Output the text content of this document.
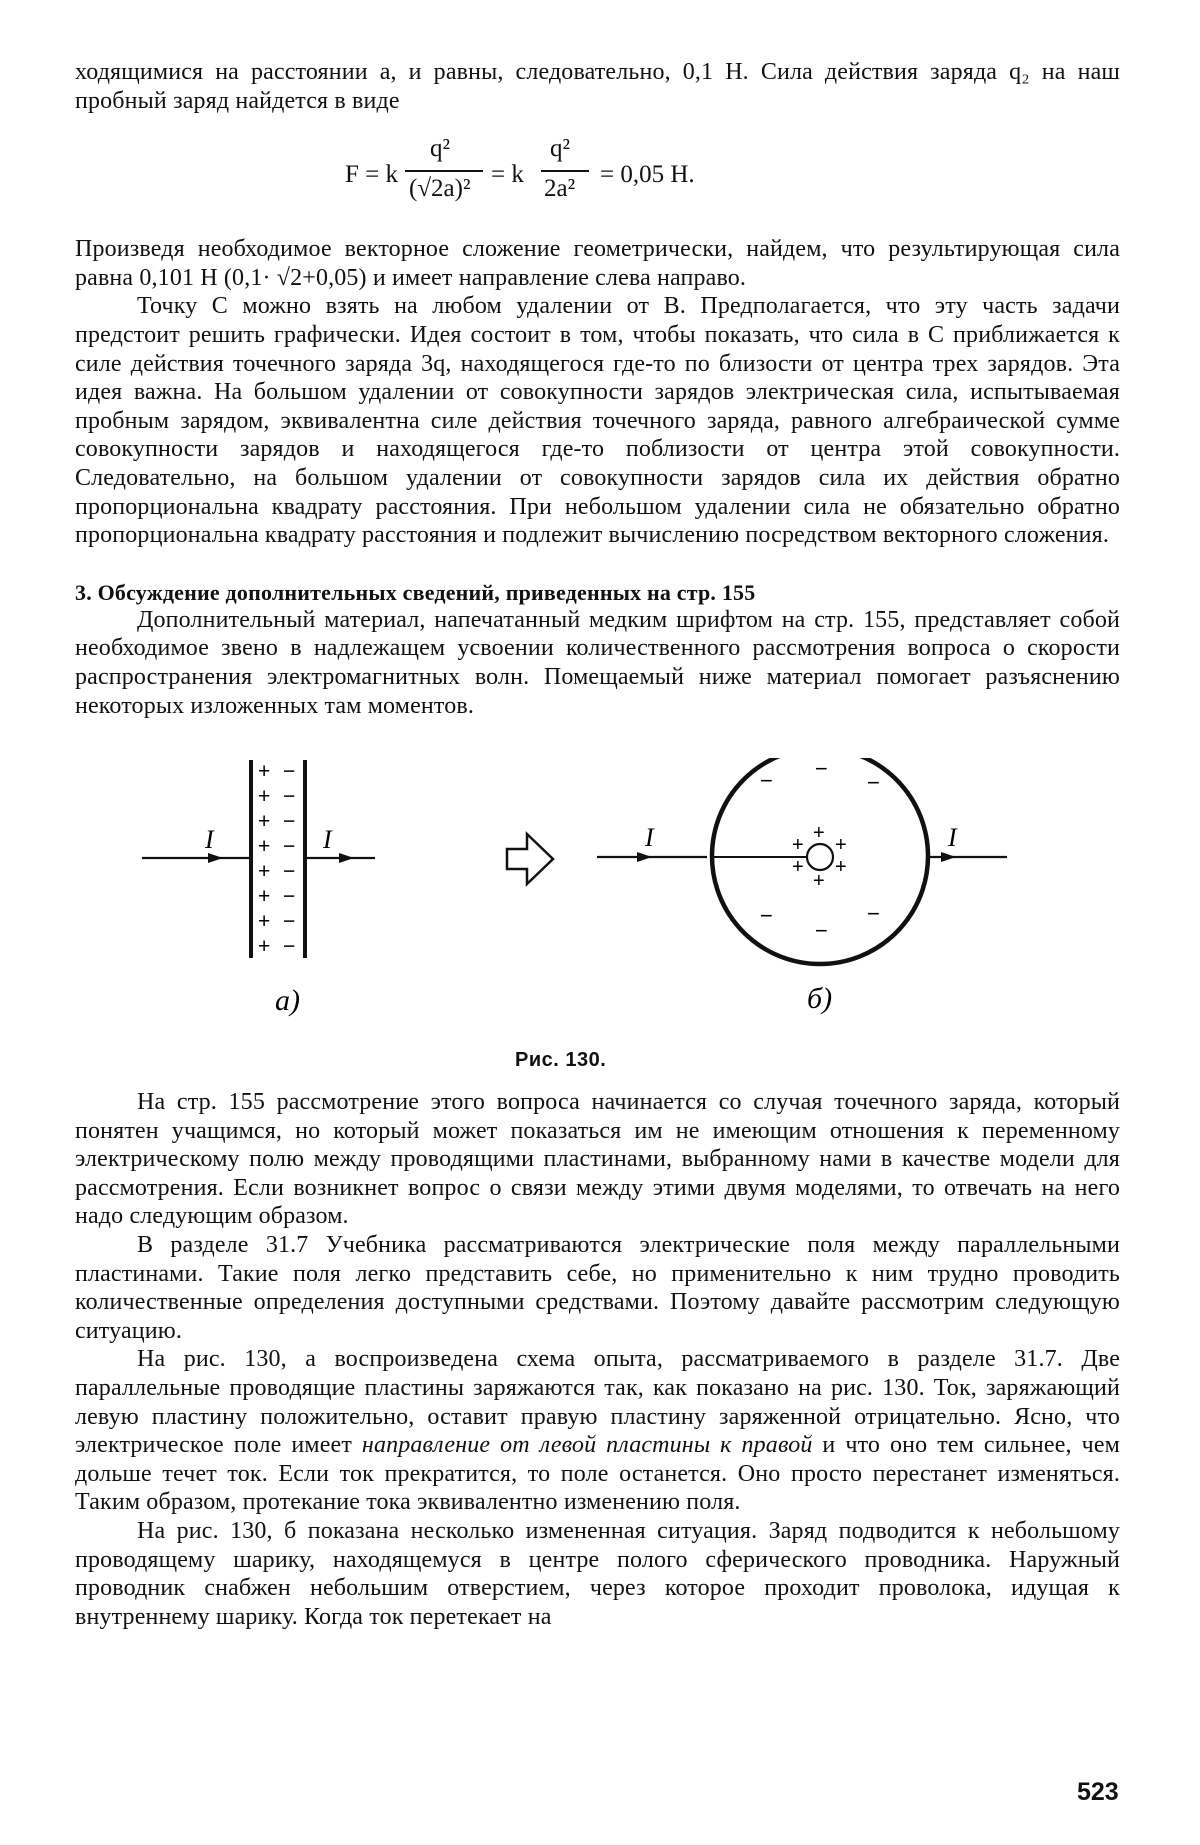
ходящимися на расстоянии a, и равны, следовательно, 0,1 Н. Сила действия заряда q₂ на наш пробный заряд найдется в виде

F = k
q²
(√2a)²
= k
q²
2a²
= 0,05 Н.

Произведя необходимое векторное сложение геометрически, найдем, что результирующая сила равна 0,101 Н (0,1· √2+0,05) и имеет направление слева направо.

Точку C можно взять на любом удалении от B. Предполагается, что эту часть задачи предстоит решить графически. Идея состоит в том, чтобы показать, что сила в C приближается к силе действия точечного заряда 3q, находящегося где-то по близости от центра трех зарядов. Эта идея важна. На большом удалении от совокупности зарядов электрическая сила, испытываемая пробным зарядом, эквивалентна силе действия точечного заряда, равного алгебраической сумме совокупности зарядов и находящегося где-то поблизости от центра этой совокупности. Следовательно, на большом удалении от совокупности зарядов сила их действия обратно пропорциональна квадрату расстояния. При небольшом удалении сила не обязательно обратно пропорциональна квадрату расстояния и подлежит вычислению посредством векторного сложения.

3. Обсуждение дополнительных сведений, приведенных на стр. 155

Дополнительный материал, напечатанный медким шрифтом на стр. 155, представляет собой необходимое звено в надлежащем усвоении количественного рассмотрения вопроса о скорости распространения электромагнитных волн. Помещаемый ниже материал помогает разъяснению некоторых изложенных там моментов.

I
+ −
+ −
+ −
+ −
+ −
+ −
+ −
+ −
I
а)
I	+
+ +
+ +
+
− −
−
−
−
−
I
б)
Рис. 130.

На стр. 155 рассмотрение этого вопроса начинается со случая точечного заряда, который понятен учащимся, но который может показаться им не имеющим отношения к переменному электрическому полю между проводящими пластинами, выбранному нами в качестве модели для рассмотрения. Если возникнет вопрос о связи между этими двумя моделями, то отвечать на него надо следующим образом.

В разделе 31.7 Учебника рассматриваются электрические поля между параллельными пластинами. Такие поля легко представить себе, но применительно к ним трудно проводить количественные определения доступными средствами. Поэтому давайте рассмотрим следующую ситуацию.

На рис. 130, a воспроизведена схема опыта, рассматриваемого в разделе 31.7. Две параллельные проводящие пластины заряжаются так, как показано на рис. 130. Ток, заряжающий левую пластину положительно, оставит правую пластину заряженной отрицательно. Ясно, что электрическое поле имеет направление от левой пластины к правой и что оно тем сильнее, чем дольше течет ток. Если ток прекратится, то поле останется. Оно просто перестанет изменяться. Таким образом, протекание тока эквивалентно изменению поля.

На рис. 130, б показана несколько измененная ситуация. Заряд подводится к небольшому проводящему шарику, находящемуся в центре полого сферического проводника. Наружный проводник снабжен небольшим отверстием, через которое проходит проволока, идущая к внутреннему шарику. Когда ток перетекает на

523
